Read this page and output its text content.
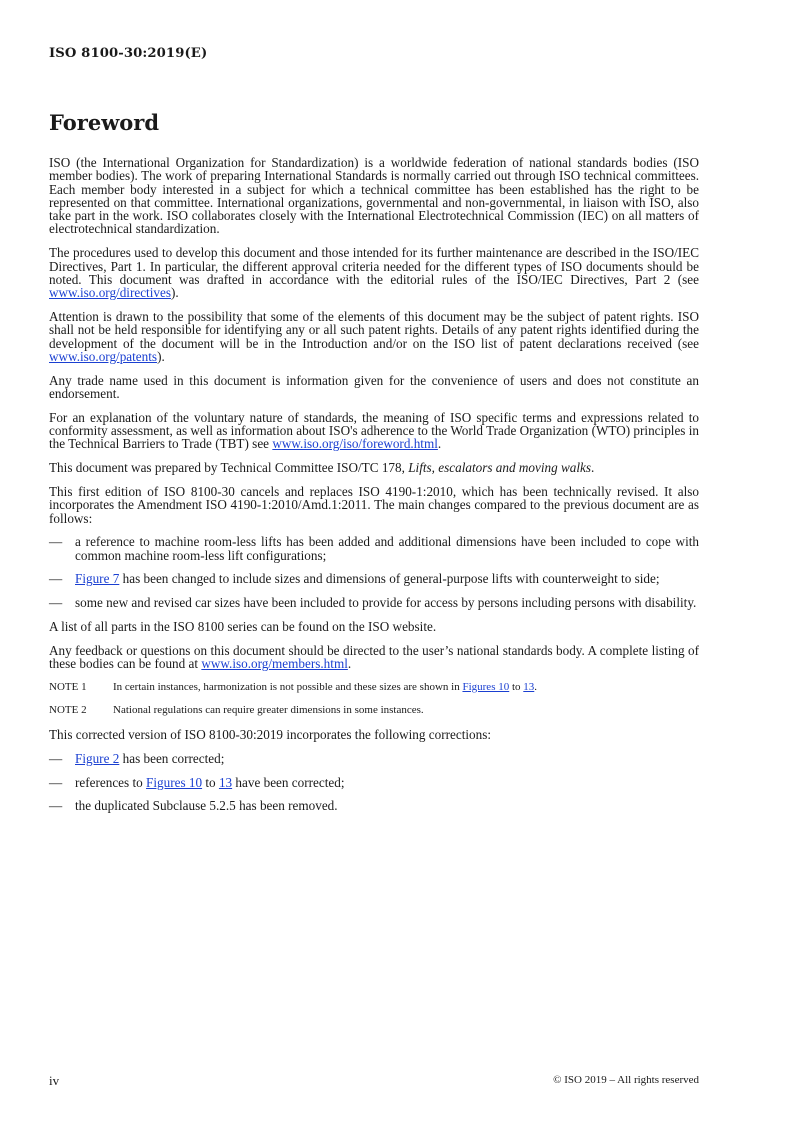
ISO 8100-30:2019(E)
Foreword

ISO (the International Organization for Standardization) is a worldwide federation of national standards bodies (ISO member bodies). The work of preparing International Standards is normally carried out through ISO technical committees. Each member body interested in a subject for which a technical committee has been established has the right to be represented on that committee. International organizations, governmental and non-governmental, in liaison with ISO, also take part in the work. ISO collaborates closely with the International Electrotechnical Commission (IEC) on all matters of electrotechnical standardization.

The procedures used to develop this document and those intended for its further maintenance are described in the ISO/IEC Directives, Part 1. In particular, the different approval criteria needed for the different types of ISO documents should be noted. This document was drafted in accordance with the editorial rules of the ISO/IEC Directives, Part 2 (see www.iso.org/directives).

Attention is drawn to the possibility that some of the elements of this document may be the subject of patent rights. ISO shall not be held responsible for identifying any or all such patent rights. Details of any patent rights identified during the development of the document will be in the Introduction and/or on the ISO list of patent declarations received (see www.iso.org/patents).

Any trade name used in this document is information given for the convenience of users and does not constitute an endorsement.

For an explanation of the voluntary nature of standards, the meaning of ISO specific terms and expressions related to conformity assessment, as well as information about ISO's adherence to the World Trade Organization (WTO) principles in the Technical Barriers to Trade (TBT) see www.iso.org/iso/foreword.html.

This document was prepared by Technical Committee ISO/TC 178, Lifts, escalators and moving walks.

This first edition of ISO 8100-30 cancels and replaces ISO 4190-1:2010, which has been technically revised. It also incorporates the Amendment ISO 4190-1:2010/Amd.1:2011. The main changes compared to the previous document are as follows:

— a reference to machine room-less lifts has been added and additional dimensions have been included to cope with common machine room-less lift configurations;
— Figure 7 has been changed to include sizes and dimensions of general-purpose lifts with counterweight to side;
— some new and revised car sizes have been included to provide for access by persons including persons with disability.

A list of all parts in the ISO 8100 series can be found on the ISO website.

Any feedback or questions on this document should be directed to the user’s national standards body. A complete listing of these bodies can be found at www.iso.org/members.html.

NOTE 1	In certain instances, harmonization is not possible and these sizes are shown in Figures 10 to 13.
NOTE 2	National regulations can require greater dimensions in some instances.

This corrected version of ISO 8100-30:2019 incorporates the following corrections:

— Figure 2 has been corrected;
— references to Figures 10 to 13 have been corrected;
— the duplicated Subclause 5.2.5 has been removed.
iv	© ISO 2019 – All rights reserved
